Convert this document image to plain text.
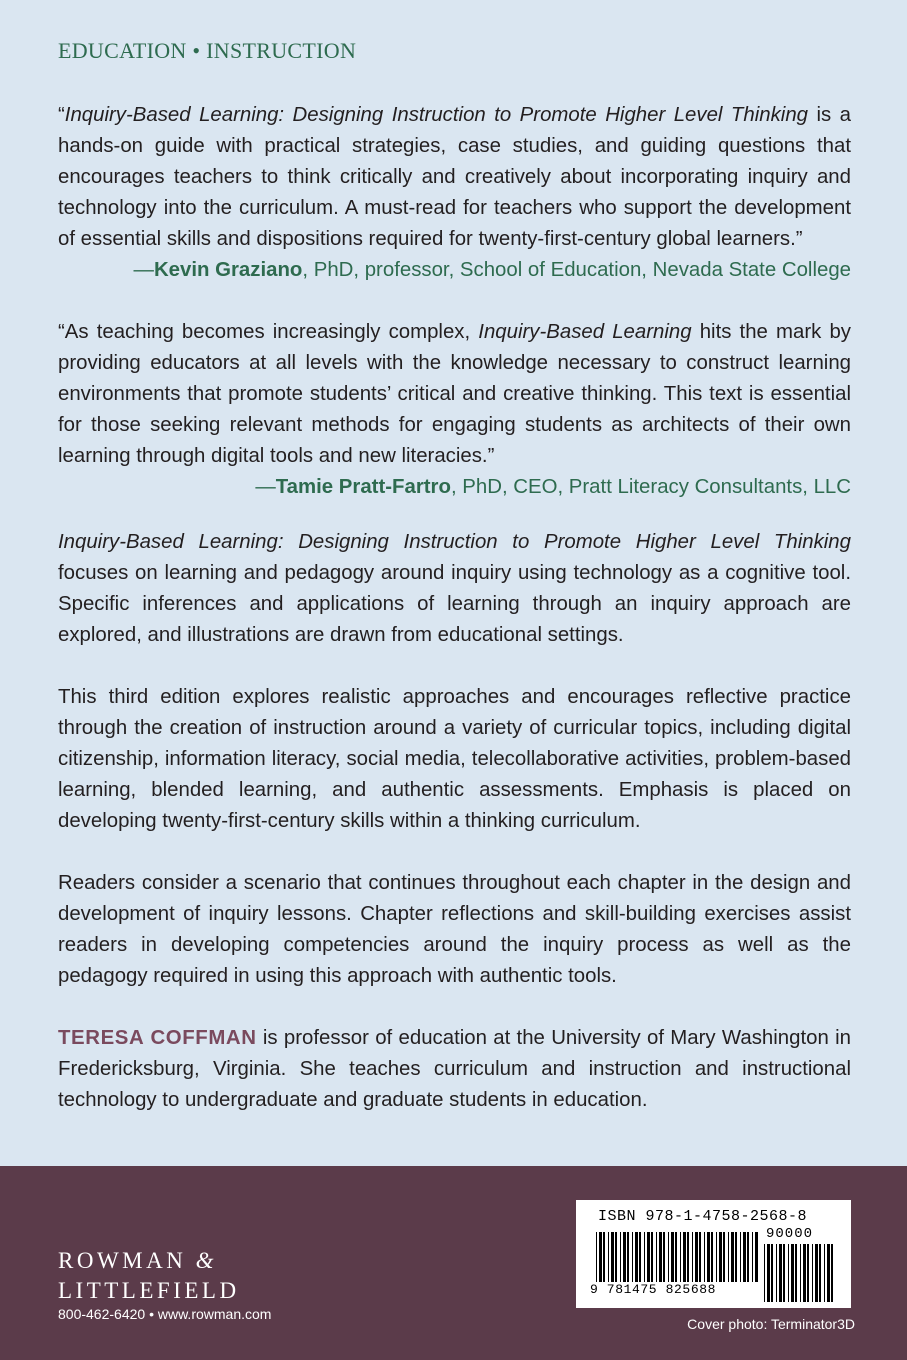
EDUCATION • INSTRUCTION

“Inquiry-Based Learning: Designing Instruction to Promote Higher Level Thinking is a hands-on guide with practical strategies, case studies, and guiding questions that encourages teachers to think critically and creatively about incorporating inquiry and technology into the curriculum. A must-read for teachers who support the development of essential skills and dispositions required for twenty-first-century global learners.”

—Kevin Graziano, PhD, professor, School of Education, Nevada State College

“As teaching becomes increasingly complex, Inquiry-Based Learning hits the mark by providing educators at all levels with the knowledge necessary to construct learning environments that promote students’ critical and creative thinking. This text is essential for those seeking relevant methods for engaging students as architects of their own learning through digital tools and new literacies.”

—Tamie Pratt-Fartro, PhD, CEO, Pratt Literacy Consultants, LLC

Inquiry-Based Learning: Designing Instruction to Promote Higher Level Thinking focuses on learning and pedagogy around inquiry using technology as a cognitive tool. Specific inferences and applications of learning through an inquiry approach are explored, and illustrations are drawn from educational settings.

This third edition explores realistic approaches and encourages reflective practice through the creation of instruction around a variety of curricular topics, including digital citizenship, information literacy, social media, telecollaborative activities, problem-based learning, blended learning, and authentic assessments. Emphasis is placed on developing twenty-first-century skills within a thinking curriculum.

Readers consider a scenario that continues throughout each chapter in the design and development of inquiry lessons. Chapter reflections and skill-building exercises assist readers in developing competencies around the inquiry process as well as the pedagogy required in using this approach with authentic tools.

TERESA COFFMAN is professor of education at the University of Mary Washington in Fredericksburg, Virginia. She teaches curriculum and instruction and instructional technology to undergraduate and graduate students in education.

ROWMAN &
LITTLEFIELD
800-462-6420 • www.rowman.com
ISBN 978-1-4758-2568-8
90000
9 781475 825688
Cover photo: Terminator3D
